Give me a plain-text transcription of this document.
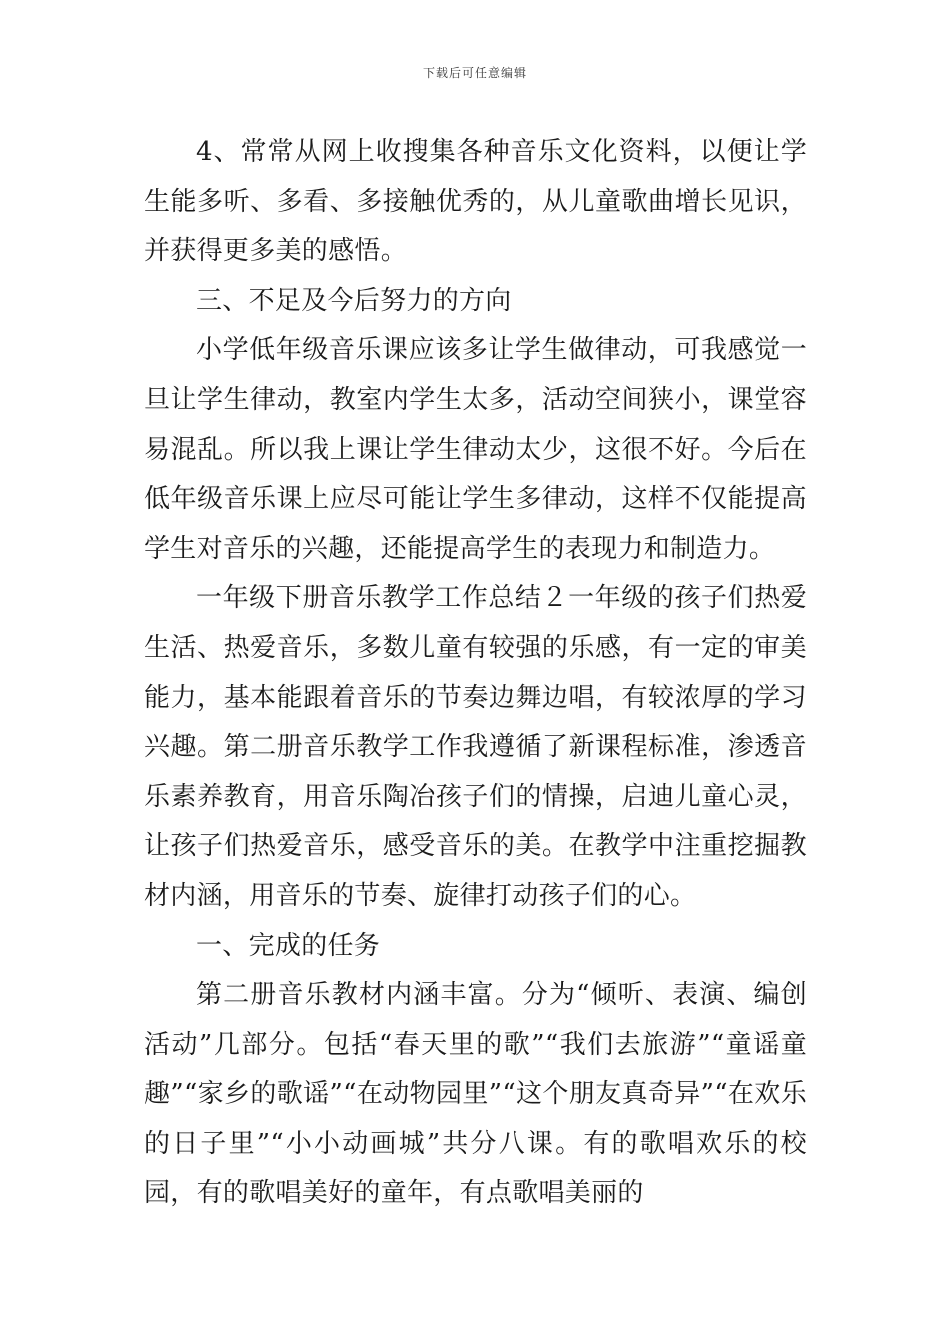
下载后可任意编辑

4、常常从网上收搜集各种音乐文化资料，以便让学生能多听、多看、多接触优秀的，从儿童歌曲增长见识，并获得更多美的感悟。

三、不足及今后努力的方向

小学低年级音乐课应该多让学生做律动，可我感觉一旦让学生律动，教室内学生太多，活动空间狭小，课堂容易混乱。所以我上课让学生律动太少，这很不好。今后在低年级音乐课上应尽可能让学生多律动，这样不仅能提高学生对音乐的兴趣，还能提高学生的表现力和制造力。

一年级下册音乐教学工作总结２一年级的孩子们热爱生活、热爱音乐，多数儿童有较强的乐感，有一定的审美能力，基本能跟着音乐的节奏边舞边唱，有较浓厚的学习兴趣。第二册音乐教学工作我遵循了新课程标准，渗透音乐素养教育，用音乐陶冶孩子们的情操，启迪儿童心灵，让孩子们热爱音乐，感受音乐的美。在教学中注重挖掘教材内涵，用音乐的节奏、旋律打动孩子们的心。

一、完成的任务

第二册音乐教材内涵丰富。分为“倾听、表演、编创活动”几部分。包括“春天里的歌”“我们去旅游”“童谣童趣”“家乡的歌谣”“在动物园里”“这个朋友真奇异”“在欢乐的日子里”“小小动画城”共分八课。有的歌唱欢乐的校园，有的歌唱美好的童年，有点歌唱美丽的
